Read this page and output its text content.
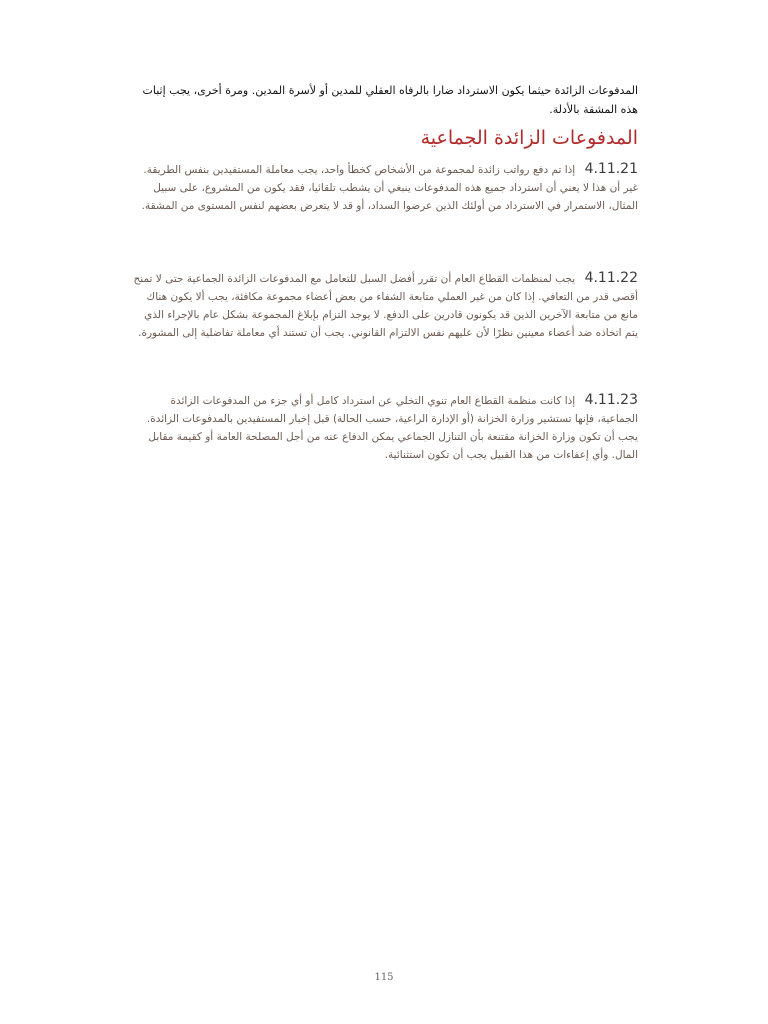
المدفوعات الزائدة حيثما يكون الاسترداد ضارا بالرفاه العقلي للمدين أو لأسرة المدين. ومرة أخرى، يجب إثبات هذه المشقة بالأدلة.
المدفوعات الزائدة الجماعية
4.11.21 إذا تم دفع رواتب زائدة لمجموعة من الأشخاص كخطأ واحد، يجب معاملة المستفيدين بنفس الطريقة. غير أن هذا لا يعني أن استرداد جميع هذه المدفوعات ينبغي أن يشطب تلقائيا، فقد يكون من المشروع، على سبيل المثال، الاستمرار في الاسترداد من أولئك الذين عرضوا السداد، أو قد لا يتعرض بعضهم لنفس المستوى من المشقة.
4.11.22 يجب لمنظمات القطاع العام أن تقرر أفضل السبل للتعامل مع المدفوعات الزائدة الجماعية حتى لا تمنح أقصى قدر من التعافي. إذا كان من غير العملي متابعة الشفاء من بعض أعضاء مجموعة مكافئة، يجب ألا يكون هناك مانع من متابعة الآخرين الذين قد يكونون قادرين على الدفع. لا يوجد التزام بإبلاغ المجموعة بشكل عام بالإجراء الذي يتم اتخاذه ضد أعضاء معينين نظرًا لأن عليهم نفس الالتزام القانوني. يجب أن تستند أي معاملة تفاضلية إلى المشورة.
4.11.23 إذا كانت منظمة القطاع العام تنوي التخلي عن استرداد كامل أو أي جزء من المدفوعات الزائدة الجماعية، فإنها تستشير وزارة الخزانة (أو الإدارة الراعية، حسب الحالة) قبل إخبار المستفيدين بالمدفوعات الزائدة. يجب أن تكون وزارة الخزانة مقتنعة بأن التنازل الجماعي يمكن الدفاع عنه من أجل المصلحة العامة أو كقيمة مقابل المال. وأي إعفاءات من هذا القبيل يجب أن تكون استثنائية.
115
